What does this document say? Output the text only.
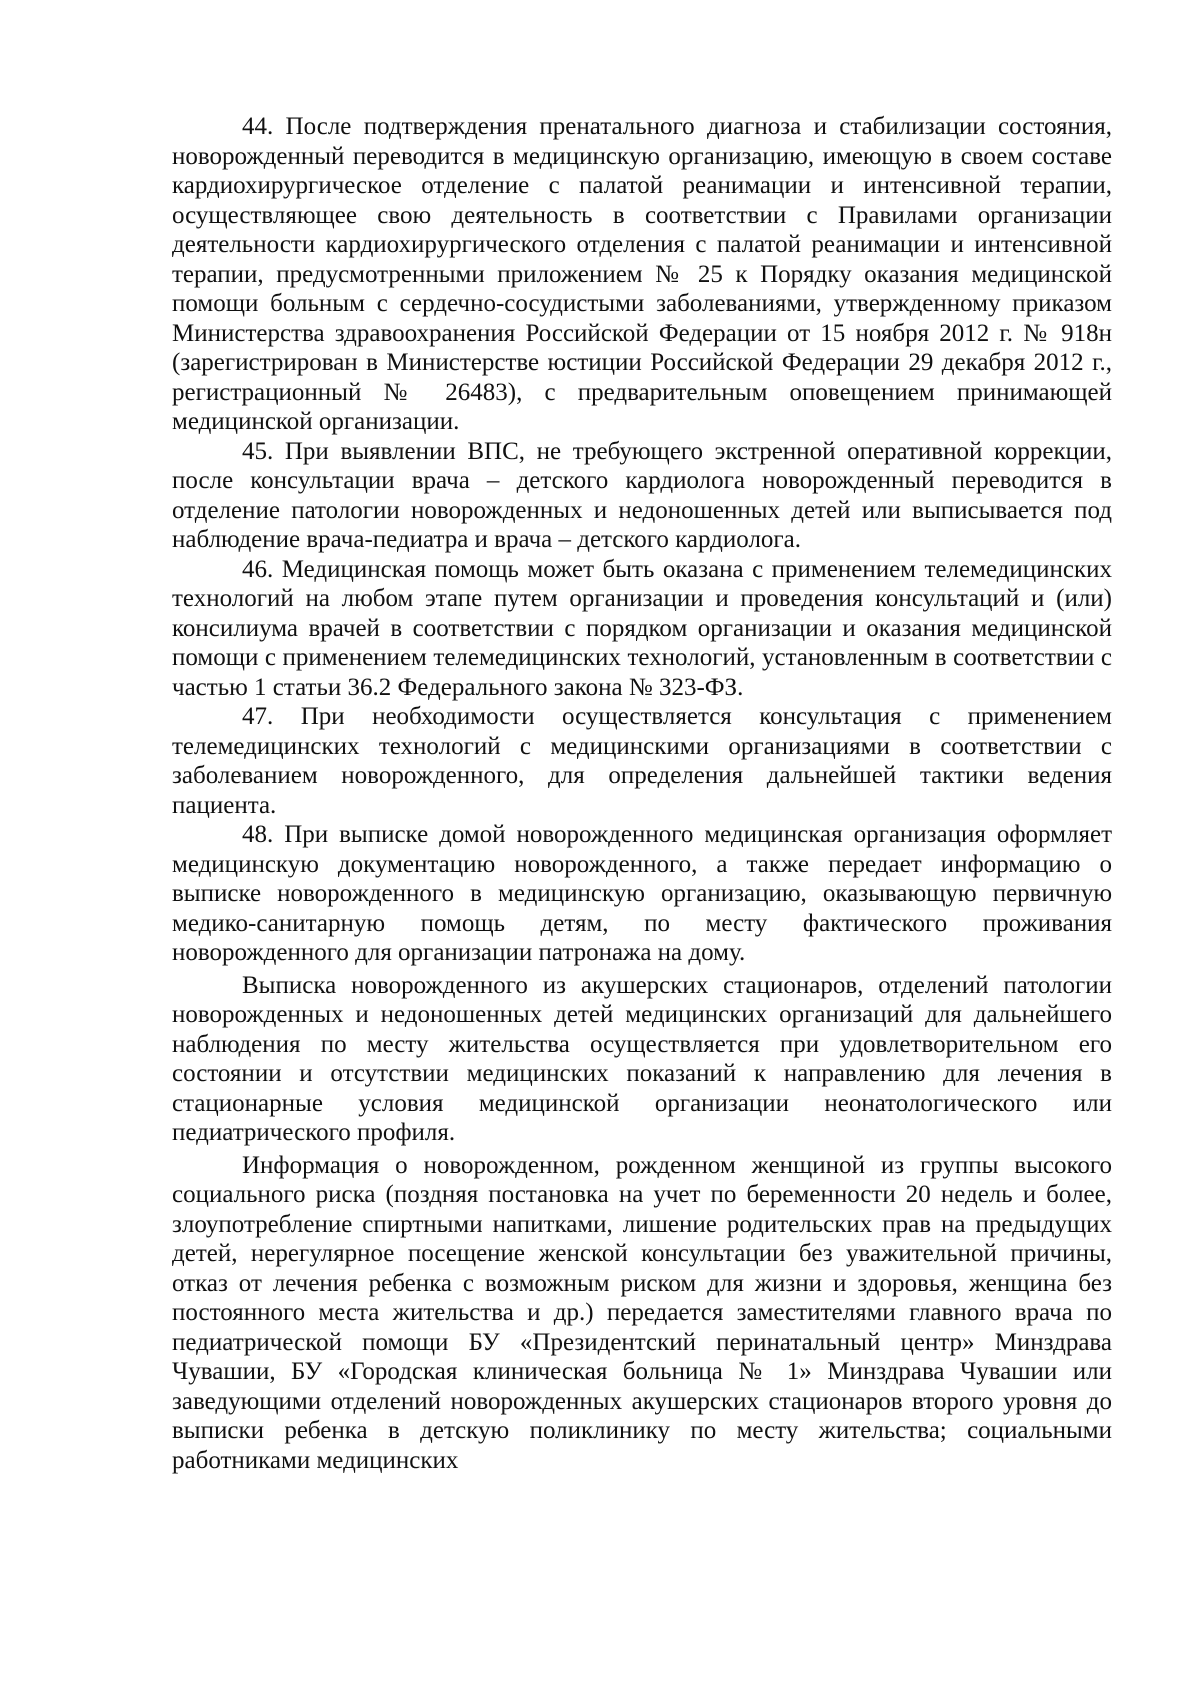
44. После подтверждения пренатального диагноза и стабилизации состояния, новорожденный переводится в медицинскую организацию, имеющую в своем составе кардиохирургическое отделение с палатой реанимации и интенсивной терапии, осуществляющее свою деятельность в соответствии с Правилами организации деятельности кардиохирургического отделения с палатой реанимации и интенсивной терапии, предусмотренными приложением № 25 к Порядку оказания медицинской помощи больным с сердечно-сосудистыми заболеваниями, утвержденному приказом Министерства здравоохранения Российской Федерации от 15 ноября 2012 г. № 918н (зарегистрирован в Министерстве юстиции Российской Федерации 29 декабря 2012 г., регистрационный № 26483), с предварительным оповещением принимающей медицинской организации.

45. При выявлении ВПС, не требующего экстренной оперативной коррекции, после консультации врача – детского кардиолога новорожденный переводится в отделение патологии новорожденных и недоношенных детей или выписывается под наблюдение врача-педиатра и врача – детского кардиолога.

46. Медицинская помощь может быть оказана с применением телемедицинских технологий на любом этапе путем организации и проведения консультаций и (или) консилиума врачей в соответствии с порядком организации и оказания медицинской помощи с применением телемедицинских технологий, установленным в соответствии с частью 1 статьи 36.2 Федерального закона № 323-ФЗ.

47. При необходимости осуществляется консультация с применением телемедицинских технологий с медицинскими организациями в соответствии с заболеванием новорожденного, для определения дальнейшей тактики ведения пациента.

48. При выписке домой новорожденного медицинская организация оформляет медицинскую документацию новорожденного, а также передает информацию о выписке новорожденного в медицинскую организацию, оказывающую первичную медико-санитарную помощь детям, по месту фактического проживания новорожденного для организации патронажа на дому.

Выписка новорожденного из акушерских стационаров, отделений патологии новорожденных и недоношенных детей медицинских организаций для дальнейшего наблюдения по месту жительства осуществляется при удовлетворительном его состоянии и отсутствии медицинских показаний к направлению для лечения в стационарные условия медицинской организации неонатологического или педиатрического профиля.

Информация о новорожденном, рожденном женщиной из группы высокого социального риска (поздняя постановка на учет по беременности 20 недель и более, злоупотребление спиртными напитками, лишение родительских прав на предыдущих детей, нерегулярное посещение женской консультации без уважительной причины, отказ от лечения ребенка с возможным риском для жизни и здоровья, женщина без постоянного места жительства и др.) передается заместителями главного врача по педиатрической помощи БУ «Президентский перинатальный центр» Минздрава Чувашии, БУ «Городская клиническая больница № 1» Минздрава Чувашии или заведующими отделений новорожденных акушерских стационаров второго уровня до выписки ребенка в детскую поликлинику по месту жительства; социальными работниками медицинских
